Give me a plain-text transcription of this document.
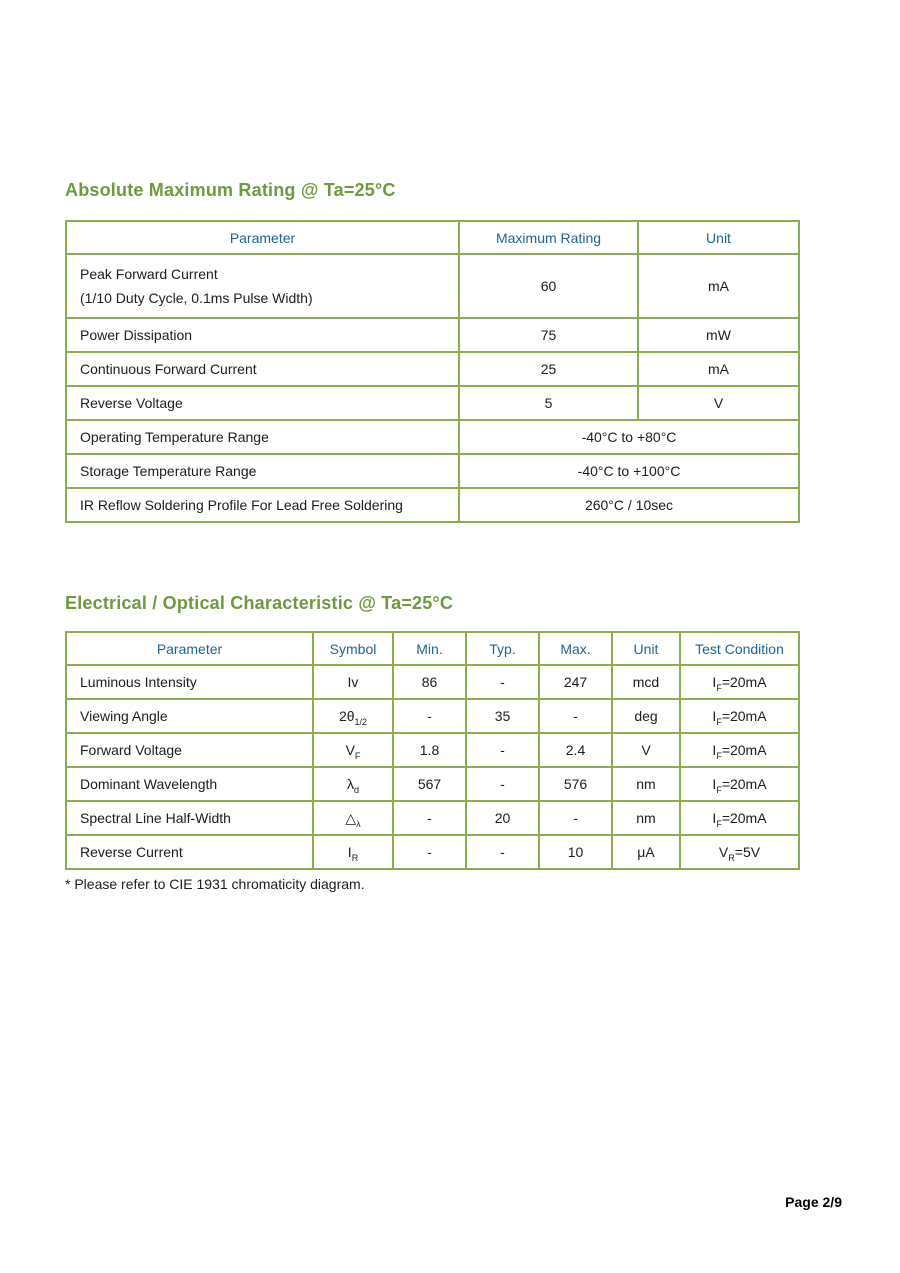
Absolute Maximum Rating @ Ta=25°C
Parameter	Maximum Rating	Unit

Peak Forward Current
(1/10 Duty Cycle, 0.1ms Pulse Width)	60	mA
Power Dissipation	75	mW
Continuous Forward Current	25	mA
Reverse Voltage	5	V
Operating Temperature Range	-40°C to +80°C	
Storage Temperature Range	-40°C to +100°C	
IR Reflow Soldering Profile For Lead Free Soldering	260°C / 10sec	
Electrical / Optical Characteristic @ Ta=25°C
Parameter	Symbol	Min.	Typ.	Max.	Unit	Test Condition
Luminous Intensity	Iv	86	-	247	mcd	$I_F=20mA$
Viewing Angle	$2\theta_{1/2}$	-	35	-	deg	$I_F=20mA$
Forward Voltage	$V_F$	1.8	-	2.4	V	$I_F=20mA$
Dominant Wavelength	$\lambda_d$	567	-	576	nm	$I_F=20mA$
Spectral Line Half-Width	$\triangle_\lambda$	-	20	-	nm	$I_F=20mA$
Reverse Current	$I_R$	-	-	10	μA	$V_R=5V$
* Please refer to CIE 1931 chromaticity diagram.
Page 2/9
